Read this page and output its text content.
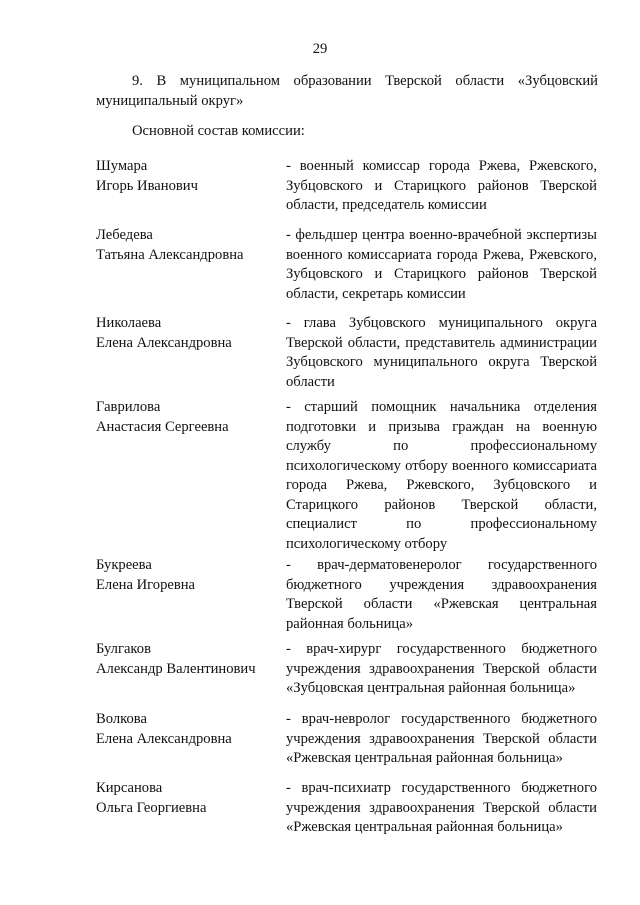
29
9. В муниципальном образовании Тверской области «Зубцовский муниципальный округ»
Основной состав комиссии:
Шумара
Игорь Иванович
- военный комиссар города Ржева, Ржевского, Зубцовского и Старицкого районов Тверской области, председатель комиссии
Лебедева
Татьяна Александровна
- фельдшер центра военно-врачебной экспертизы военного комиссариата города Ржева, Ржевского, Зубцовского и Старицкого районов Тверской области, секретарь комиссии
Николаева
Елена Александровна
- глава Зубцовского муниципального округа Тверской области, представитель администрации Зубцовского муниципального округа Тверской области
Гаврилова
Анастасия Сергеевна
- старший помощник начальника отделения подготовки и призыва граждан на военную службу по профессиональному психологическому отбору военного комиссариата города Ржева, Ржевского, Зубцовского и Старицкого районов Тверской области, специалист по профессиональному психологическому отбору
Букреева
Елена Игоревна
- врач-дерматовенеролог государственного бюджетного учреждения здравоохранения Тверской области «Ржевская центральная районная больница»
Булгаков
Александр Валентинович
- врач-хирург государственного бюджетного учреждения здравоохранения Тверской области «Зубцовская центральная районная больница»
Волкова
Елена Александровна
- врач-невролог государственного бюджетного учреждения здравоохранения Тверской области «Ржевская центральная районная больница»
Кирсанова
Ольга Георгиевна
- врач-психиатр государственного бюджетного учреждения здравоохранения Тверской области «Ржевская центральная районная больница»
